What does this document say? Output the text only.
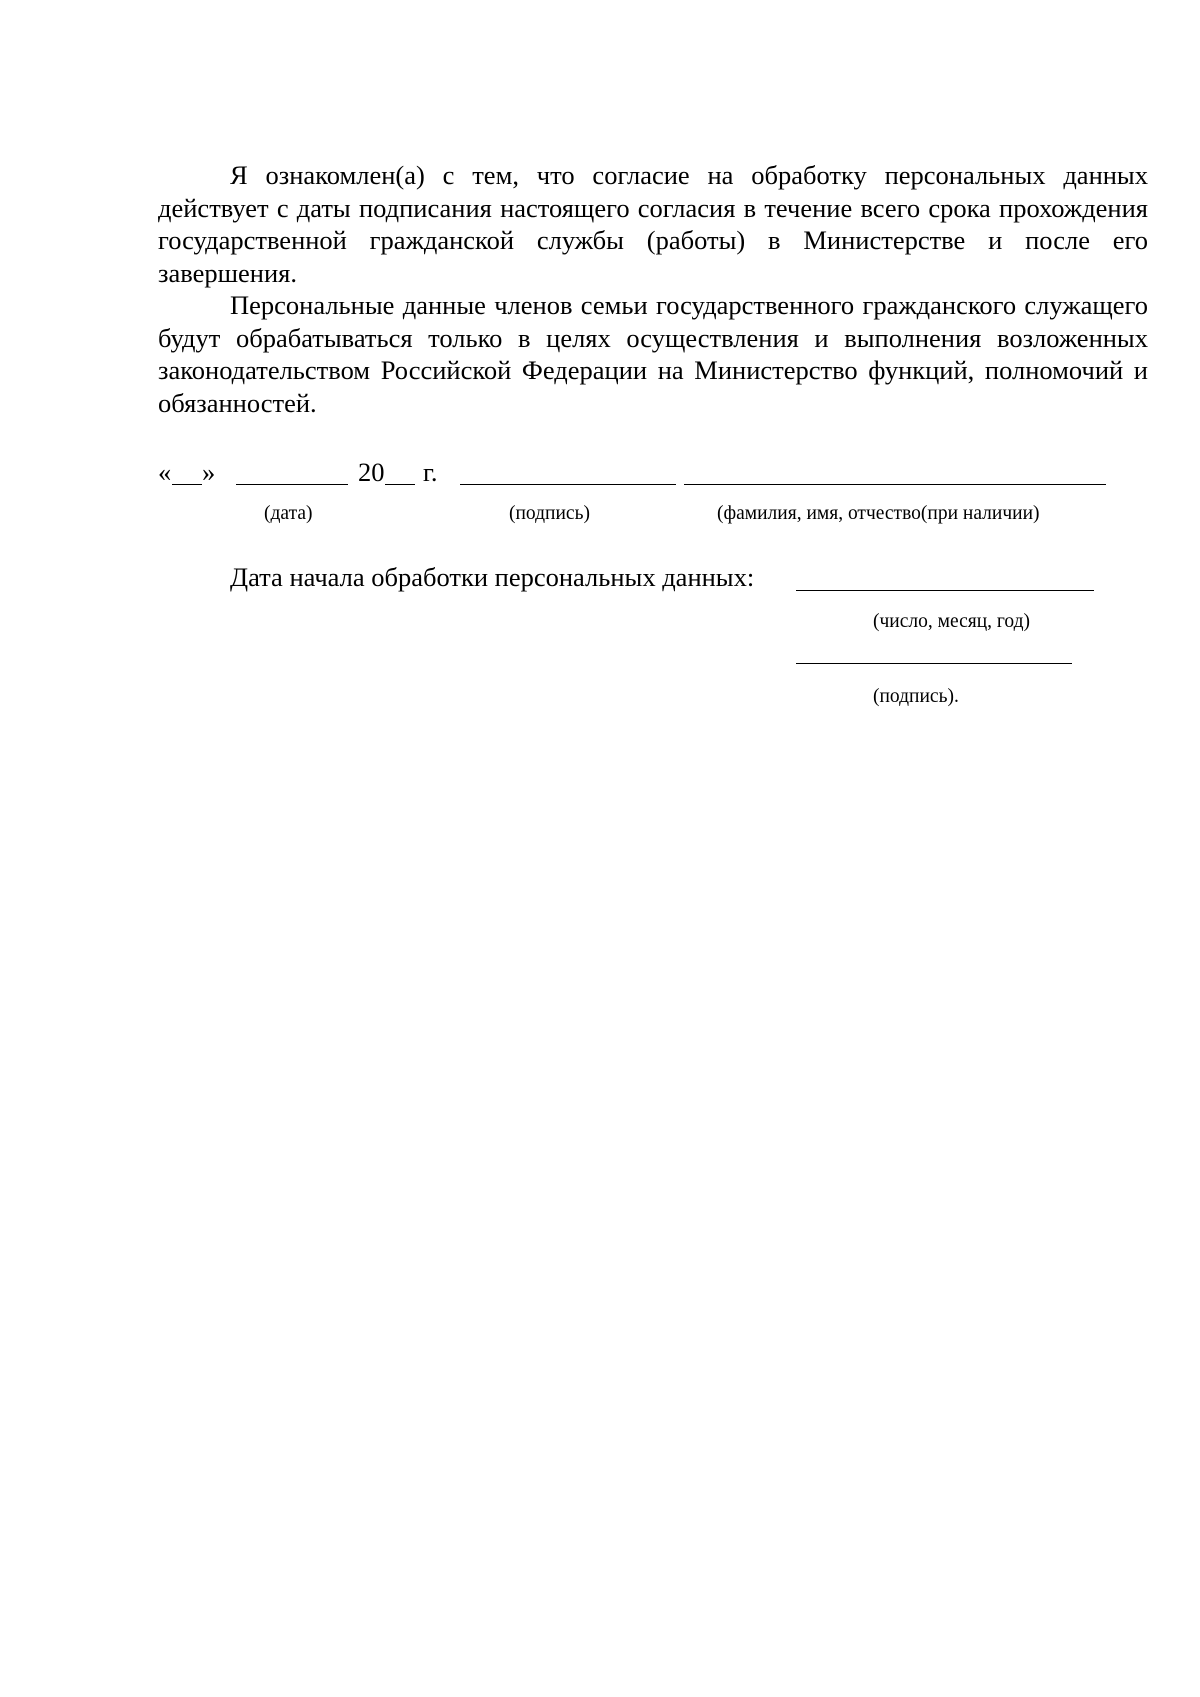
Я ознакомлен(а) с тем, что согласие на обработку персональных данных действует с даты подписания настоящего согласия в течение всего срока прохождения государственной гражданской службы (работы) в Министерстве и после его завершения.

Персональные данные членов семьи государственного гражданского служащего будут обрабатываться только в целях осуществления и выполнения возложенных законодательством Российской Федерации на Министерство функций, полномочий и обязанностей.

« »	20 г.
(дата)	(подпись)	(фамилия, имя, отчество(при наличии)
Дата начала обработки персональных данных:
(число, месяц, год)
(подпись).
